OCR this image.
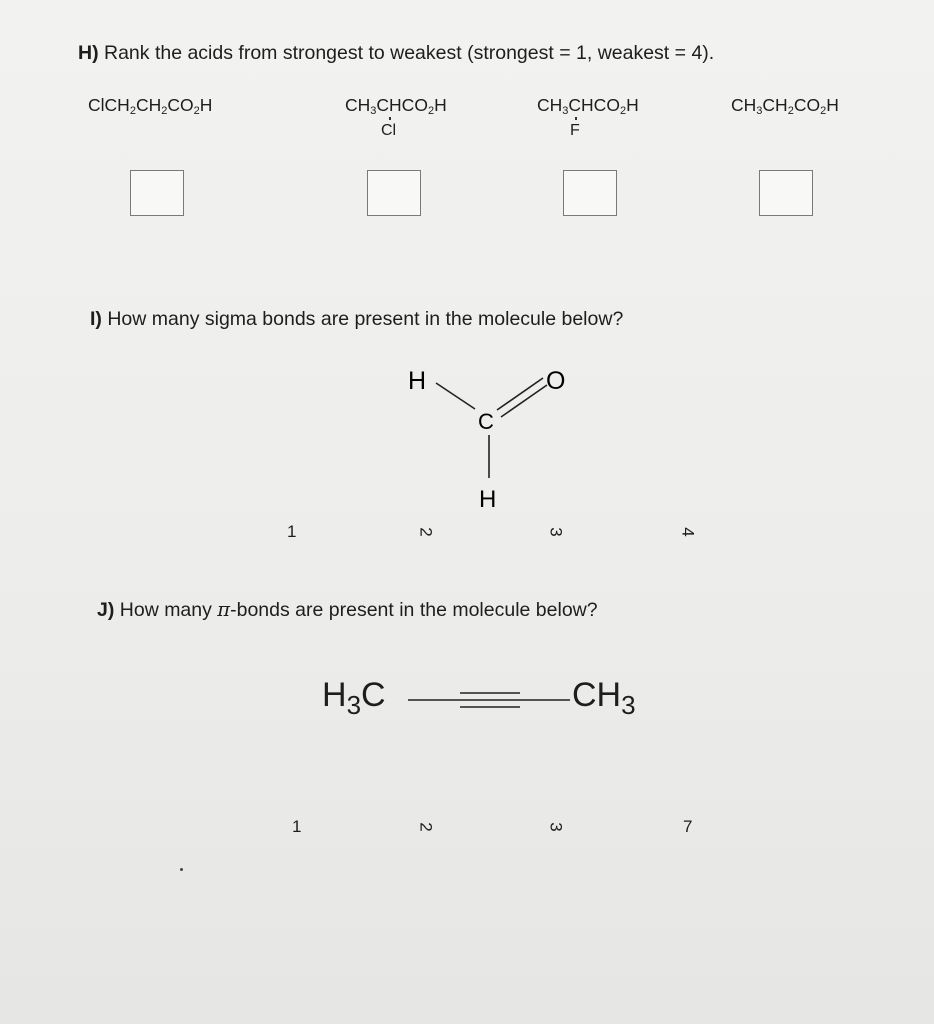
H) Rank the acids from strongest to weakest (strongest = 1, weakest = 4).
$ClCH_2CH_2CO_2H$	$CH_3CHCO_2H$
Cl
$CH_3CHCO_2H$
F
$CH_3CH_2CO_2H$
I) How many sigma bonds are present in the molecule below?
H
C
O
H
1	2	3	4
J) How many π-bonds are present in the molecule below?
$H_3C$	$CH_3$
1	2	3	7
